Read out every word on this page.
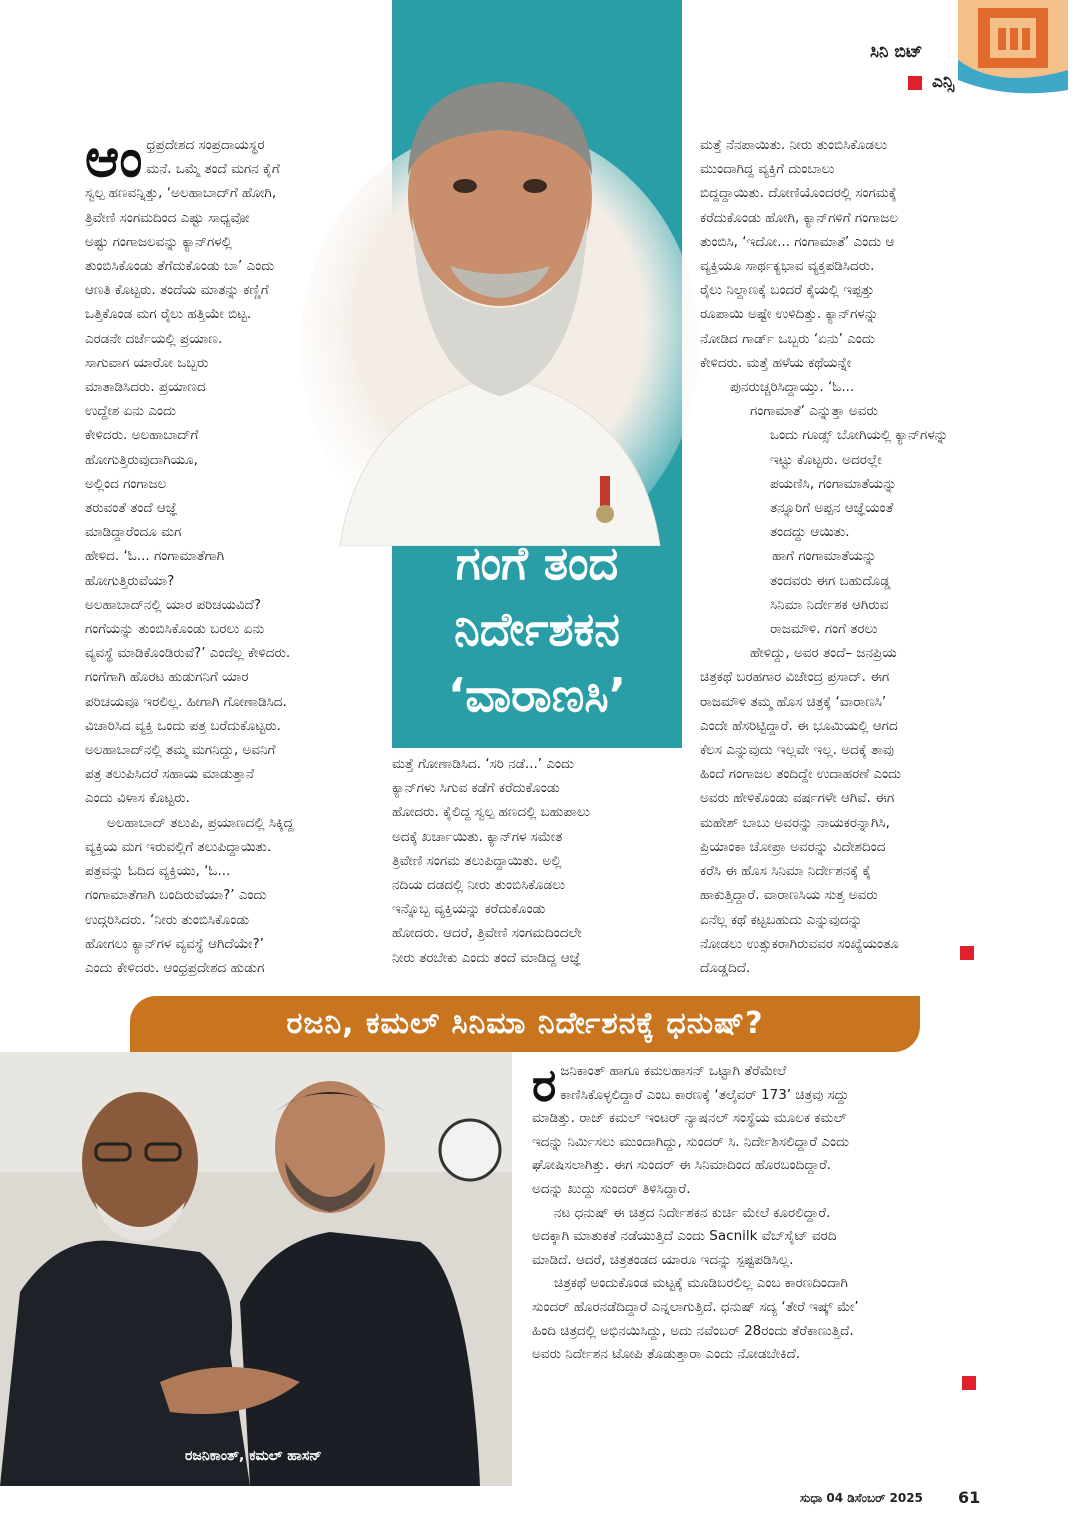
ಗಂಗೆ ತಂದ
ನಿರ್ದೇಶಕನ
‘ವಾರಾಣಸಿ’
ಸಿನಿ ಬಿಟ್
ಎನ್ಸಿ
ಆಂ ಧ್ರಪ್ರದೇಶದ ಸಂಪ್ರದಾಯಸ್ಥರ

ಮನೆ. ಒಮ್ಮೆ ತಂದೆ ಮಗನ ಕೈಗೆ

ಸ್ವಲ್ಪ ಹಣವನ್ನಿತ್ತು, ‘ಅಲಹಾಬಾದ್‌ಗೆ ಹೋಗಿ,

ತ್ರಿವೇಣಿ ಸಂಗಮದಿಂದ ಎಷ್ಟು ಸಾಧ್ಯವೋ

ಅಷ್ಟು ಗಂಗಾಜಲವನ್ನು ಕ್ಯಾನ್‌ಗಳಲ್ಲಿ

ತುಂಬಿಸಿಕೊಂಡು ತೆಗೆದುಕೊಂಡು ಬಾ’ ಎಂದು

ಆಣತಿ ಕೊಟ್ಟರು. ತಂದೆಯ ಮಾತನ್ನು ಕಣ್ಣಿಗೆ

ಒತ್ತಿಕೊಂಡ ಮಗ ರೈಲು ಹತ್ತಿಯೇ ಬಿಟ್ಟ.

ಎರಡನೇ ದರ್ಜೆಯಲ್ಲಿ ಪ್ರಯಾಣ.

ಸಾಗುವಾಗ ಯಾರೋ ಒಬ್ಬರು

ಮಾತಾಡಿಸಿದರು. ಪ್ರಯಾಣದ

ಉದ್ದೇಶ ಏನು ಎಂದು

ಕೇಳಿದರು. ಅಲಹಾಬಾದ್‌ಗೆ

ಹೋಗುತ್ತಿರುವುದಾಗಿಯೂ,

ಅಲ್ಲಿಂದ ಗಂಗಾಜಲ

ತರುವಂತೆ ತಂದೆ ಆಜ್ಞೆ

ಮಾಡಿದ್ದಾರೆಂದೂ ಮಗ

ಹೇಳಿದ. ‘ಓ... ಗಂಗಾಮಾತೆಗಾಗಿ

ಹೋಗುತ್ತಿರುವೆಯಾ?

ಅಲಹಾಬಾದ್‌ನಲ್ಲಿ ಯಾರ ಪರಿಚಯವಿದೆ?

ಗಂಗೆಯನ್ನು ತುಂಬಿಸಿಕೊಂಡು ಬರಲು ಏನು

ವ್ಯವಸ್ಥೆ ಮಾಡಿಕೊಂಡಿರುವೆ?’ ಎಂದೆಲ್ಲ ಕೇಳಿದರು.

ಗಂಗೆಗಾಗಿ ಹೊರಟ ಹುಡುಗನಿಗೆ ಯಾರ

ಪರಿಚಯವೂ ಇರಲಿಲ್ಲ. ಹೀಗಾಗಿ ಗೋಣಾಡಿಸಿದ.

ವಿಚಾರಿಸಿದ ವ್ಯಕ್ತಿ ಒಂದು ಪತ್ರ ಬರೆದುಕೊಟ್ಟರು.

ಅಲಹಾಬಾದ್‌ನಲ್ಲಿ ತಮ್ಮ ಮಗನಿದ್ದು, ಅವನಿಗೆ

ಪತ್ರ ತಲುಪಿಸಿದರೆ ಸಹಾಯ ಮಾಡುತ್ತಾನೆ

ಎಂದು ವಿಳಾಸ ಕೊಟ್ಟರು.

ಅಲಹಾಬಾದ್ ತಲುಪಿ, ಪ್ರಯಾಣದಲ್ಲಿ ಸಿಕ್ಕಿದ್ದ

ವ್ಯಕ್ತಿಯ ಮಗ ಇರುವಲ್ಲಿಗೆ ತಲುಪಿದ್ದಾಯಿತು.

ಪತ್ರವನ್ನು ಓದಿದ ವ್ಯಕ್ತಿಯು, ‘ಓ...

ಗಂಗಾಮಾತೆಗಾಗಿ ಬಂದಿರುವೆಯಾ?’ ಎಂದು

ಉದ್ಗರಿಸಿದರು. ‘ನೀರು ತುಂಬಿಸಿಕೊಂಡು

ಹೋಗಲು ಕ್ಯಾನ್‌ಗಳ ವ್ಯವಸ್ಥೆ ಆಗಿದೆಯೇ?’

ಎಂದು ಕೇಳಿದರು. ಆಂಧ್ರಪ್ರದೇಶದ ಹುಡುಗ

ಮತ್ತೆ ಗೋಣಾಡಿಸಿದ. ‘ಸರಿ ನಡೆ...’ ಎಂದು

ಕ್ಯಾನ್‌ಗಳು ಸಿಗುವ ಕಡೆಗೆ ಕರೆದುಕೊಂಡು

ಹೋದರು. ಕೈಲಿದ್ದ ಸ್ವಲ್ಪ ಹಣದಲ್ಲಿ ಬಹುಪಾಲು

ಅದಕ್ಕೆ ಖರ್ಚಾಯಿತು. ಕ್ಯಾನ್‌ಗಳ ಸಮೇತ

ತ್ರಿವೇಣಿ ಸಂಗಮ ತಲುಪಿದ್ದಾಯಿತು. ಅಲ್ಲಿ

ನದಿಯ ದಡದಲ್ಲಿ ನೀರು ತುಂಬಿಸಿಕೊಡಲು

ಇನ್ನೊಬ್ಬ ವ್ಯಕ್ತಿಯನ್ನು ಕರೆದುಕೊಂಡು

ಹೋದರು. ಆದರೆ, ತ್ರಿವೇಣಿ ಸಂಗಮದಿಂದಲೇ

ನೀರು ತರಬೇಕು ಎಂದು ತಂದೆ ಮಾಡಿದ್ದ ಆಜ್ಞೆ

ಮತ್ತೆ ನೆನಪಾಯಿತು. ನೀರು ತುಂಬಿಸಿಕೊಡಲು

ಮುಂದಾಗಿದ್ದ ವ್ಯಕ್ತಿಗೆ ದುಂಬಾಲು

ಬಿದ್ದದ್ದಾಯಿತು. ದೋಣಿಯೊಂದರಲ್ಲಿ ಸಂಗಮಕ್ಕೆ

ಕರೆದುಕೊಂಡು ಹೋಗಿ, ಕ್ಯಾನ್‌ಗಳಿಗೆ ಗಂಗಾಜಲ

ತುಂಬಿಸಿ, ‘ಇದೋ... ಗಂಗಾಮಾತೆ’ ಎಂದು ಆ

ವ್ಯಕ್ತಿಯೂ ಸಾರ್ಥಕ್ಯಭಾವ ವ್ಯಕ್ತಪಡಿಸಿದರು.

ರೈಲು ನಿಲ್ದಾಣಕ್ಕೆ ಬಂದರೆ ಕೈಯಲ್ಲಿ ಇಪ್ಪತ್ತು

ರೂಪಾಯಿ ಅಷ್ಟೇ ಉಳಿದಿತ್ತು. ಕ್ಯಾನ್‌ಗಳನ್ನು

ನೋಡಿದ ಗಾರ್ಡ್ ಒಬ್ಬರು ‘ಏನು’ ಎಂದು

ಕೇಳಿದರು. ಮತ್ತೆ ಹಳೆಯ ಕಥೆಯನ್ನೇ

ಪುನರುಚ್ಚರಿಸಿದ್ದಾಯ್ತು. ‘ಓ...

ಗಂಗಾಮಾತೆ’ ಎನ್ನುತ್ತಾ ಅವರು

ಒಂದು ಗೂಡ್ಸ್ ಬೋಗಿಯಲ್ಲಿ ಕ್ಯಾನ್‌ಗಳನ್ನು

ಇಟ್ಟು ಕೊಟ್ಟರು. ಅದರಲ್ಲೇ

ಪಯಣಿಸಿ, ಗಂಗಾಮಾತೆಯನ್ನು

ತನ್ನೂರಿಗೆ ಅಪ್ಪನ ಆಜ್ಞೆಯಂತೆ

ತಂದದ್ದು ಆಯಿತು.

ಹಾಗೆ ಗಂಗಾಮಾತೆಯನ್ನು

ತಂದವರು ಈಗ ಬಹುದೊಡ್ಡ

ಸಿನಿಮಾ ನಿರ್ದೇಶಕ ಆಗಿರುವ

ರಾಜಮೌಳಿ. ಗಂಗೆ ತರಲು

ಹೇಳಿದ್ದು, ಅವರ ತಂದೆ– ಜನಪ್ರಿಯ

ಚಿತ್ರಕಥೆ ಬರಹಗಾರ ವಿಜೇಂದ್ರ ಪ್ರಸಾದ್. ಈಗ

ರಾಜಮೌಳಿ ತಮ್ಮ ಹೊಸ ಚಿತ್ರಕ್ಕೆ ‘ವಾರಾಣಸಿ’

ಎಂದೇ ಹೆಸರಿಟ್ಟಿದ್ದಾರೆ. ಈ ಭೂಮಿಯಲ್ಲಿ ಆಗದ

ಕೆಲಸ ಎನ್ನುವುದು ಇಲ್ಲವೇ ಇಲ್ಲ. ಅದಕ್ಕೆ ತಾವು

ಹಿಂದೆ ಗಂಗಾಜಲ ತಂದಿದ್ದೇ ಉದಾಹರಣೆ ಎಂದು

ಅವರು ಹೇಳಿಕೊಂಡು ವರ್ಷಗಳೇ ಆಗಿವೆ. ಈಗ

ಮಹೇಶ್ ಬಾಬು ಅವರನ್ನು ನಾಯಕರನ್ನಾಗಿಸಿ,

ಪ್ರಿಯಾಂಕಾ ಚೋಪ್ರಾ ಅವರನ್ನು ವಿದೇಶದಿಂದ

ಕರೆಸಿ ಈ ಹೊಸ ಸಿನಿಮಾ ನಿರ್ದೇಶನಕ್ಕೆ ಕೈ

ಹಾಕುತ್ತಿದ್ದಾರೆ. ವಾರಾಣಸಿಯ ಸುತ್ತ ಅವರು

ಏನೆಲ್ಲ ಕಥೆ ಕಟ್ಟಬಹುದು ಎನ್ನುವುದನ್ನು

ನೋಡಲು ಉತ್ಸುಕರಾಗಿರುವವರ ಸಂಖ್ಯೆಯಂತೂ

ದೊಡ್ಡದಿದೆ.

ರಜನಿ, ಕಮಲ್ ಸಿನಿಮಾ ನಿರ್ದೇಶನಕ್ಕೆ ಧನುಷ್?
ರಜನಿಕಾಂತ್, ಕಮಲ್ ಹಾಸನ್
ರ ಜನಿಕಾಂತ್ ಹಾಗೂ ಕಮಲಹಾಸನ್ ಒಟ್ಟಾಗಿ ತೆರೆಮೇಲೆ

ಕಾಣಿಸಿಕೊಳ್ಳಲಿದ್ದಾರೆ ಎಂಬ ಕಾರಣಕ್ಕೆ ‘ತಲೈವರ್ 173’ ಚಿತ್ರವು ಸದ್ದು

ಮಾಡಿತ್ತು. ರಾಜ್ ಕಮಲ್ ಇಂಟರ್ ನ್ಯಾಷನಲ್ ಸಂಸ್ಥೆಯ ಮೂಲಕ ಕಮಲ್

ಇದನ್ನು ನಿರ್ಮಿಸಲು ಮುಂದಾಗಿದ್ದು, ಸುಂದರ್ ಸಿ. ನಿರ್ದೇಶಿಸಲಿದ್ದಾರೆ ಎಂದು

ಘೋಷಿಸಲಾಗಿತ್ತು. ಈಗ ಸುಂದರ್‌ ಈ ಸಿನಿಮಾದಿಂದ ಹೊರಬಂದಿದ್ದಾರೆ.

ಅದನ್ನು ಖುದ್ದು ಸುಂದರ್ ತಿಳಿಸಿದ್ದಾರೆ.

ನಟ ಧನುಷ್ ಈ ಚಿತ್ರದ ನಿರ್ದೇಶಕನ ಕುರ್ಚಿ ಮೇಲೆ ಕೂರಲಿದ್ದಾರೆ.

ಅದಕ್ಕಾಗಿ ಮಾತುಕತೆ ನಡೆಯುತ್ತಿದೆ ಎಂದು Sacnilk ವೆಬ್‌ಸೈಟ್ ವರದಿ

ಮಾಡಿದೆ. ಆದರೆ, ಚಿತ್ರತಂಡದ ಯಾರೂ ಇದನ್ನು ಸ್ಪಷ್ಟಪಡಿಸಿಲ್ಲ.

ಚಿತ್ರಕಥೆ ಅಂದುಕೊಂಡ ಮಟ್ಟಕ್ಕೆ ಮೂಡಿಬರಲಿಲ್ಲ ಎಂಬ ಕಾರಣದಿಂದಾಗಿ

ಸುಂದರ್ ಹೊರನಡೆದಿದ್ದಾರೆ ಎನ್ನಲಾಗುತ್ತಿದೆ. ಧನುಷ್ ಸದ್ಯ ‘ತೇರೆ ಇಷ್ಕ್ ಮೇ’

ಹಿಂದಿ ಚಿತ್ರದಲ್ಲಿ ಅಭಿನಯಿಸಿದ್ದು, ಅದು ನವೆಂಬರ್ 28ರಂದು ತೆರೆಕಾಣುತ್ತಿದೆ.

ಅವರು ನಿರ್ದೇಶನ ಟೋಪಿ ತೊಡುತ್ತಾರಾ ಎಂದು ನೋಡಬೇಕಿದೆ.

ಸುಧಾ 04 ಡಿಸೆಂಬರ್ 2025 61
